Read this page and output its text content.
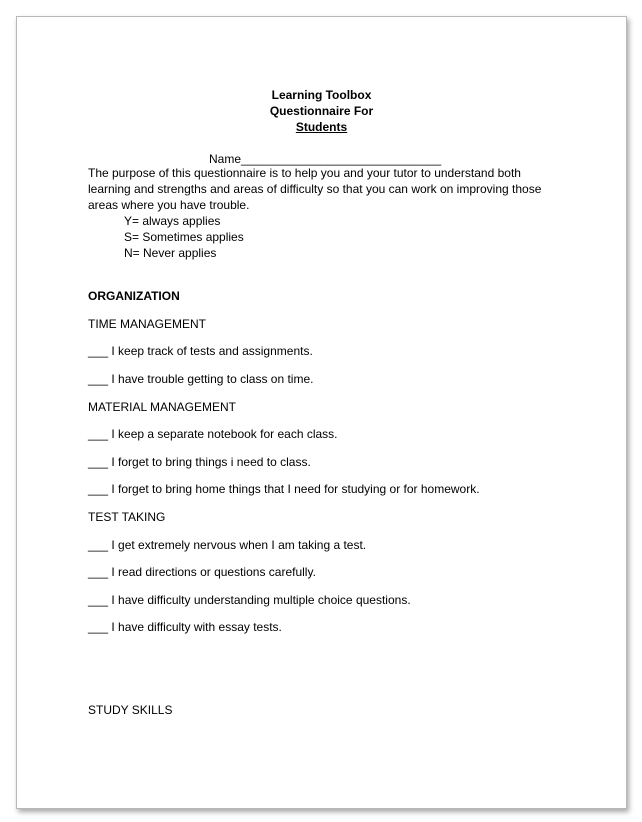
Learning Toolbox
Questionnaire For
Students
Name______________________________
The purpose of this questionnaire is to help you and your tutor to understand both learning and strengths and areas of difficulty so that you can work on improving those areas where you have trouble.
Y= always applies
S= Sometimes applies
N= Never applies
ORGANIZATION
TIME MANAGEMENT
___ I keep track of tests and assignments.
___ I have trouble getting to class on time.
MATERIAL MANAGEMENT
___ I keep a separate notebook for each class.
___ I forget to bring things i need to class.
___ I forget to bring home things that I need for studying or for homework.
TEST TAKING
___ I get extremely nervous when I am taking a test.
___ I read directions or questions carefully.
___ I have difficulty understanding multiple choice questions.
___ I have difficulty with essay tests.
STUDY SKILLS
